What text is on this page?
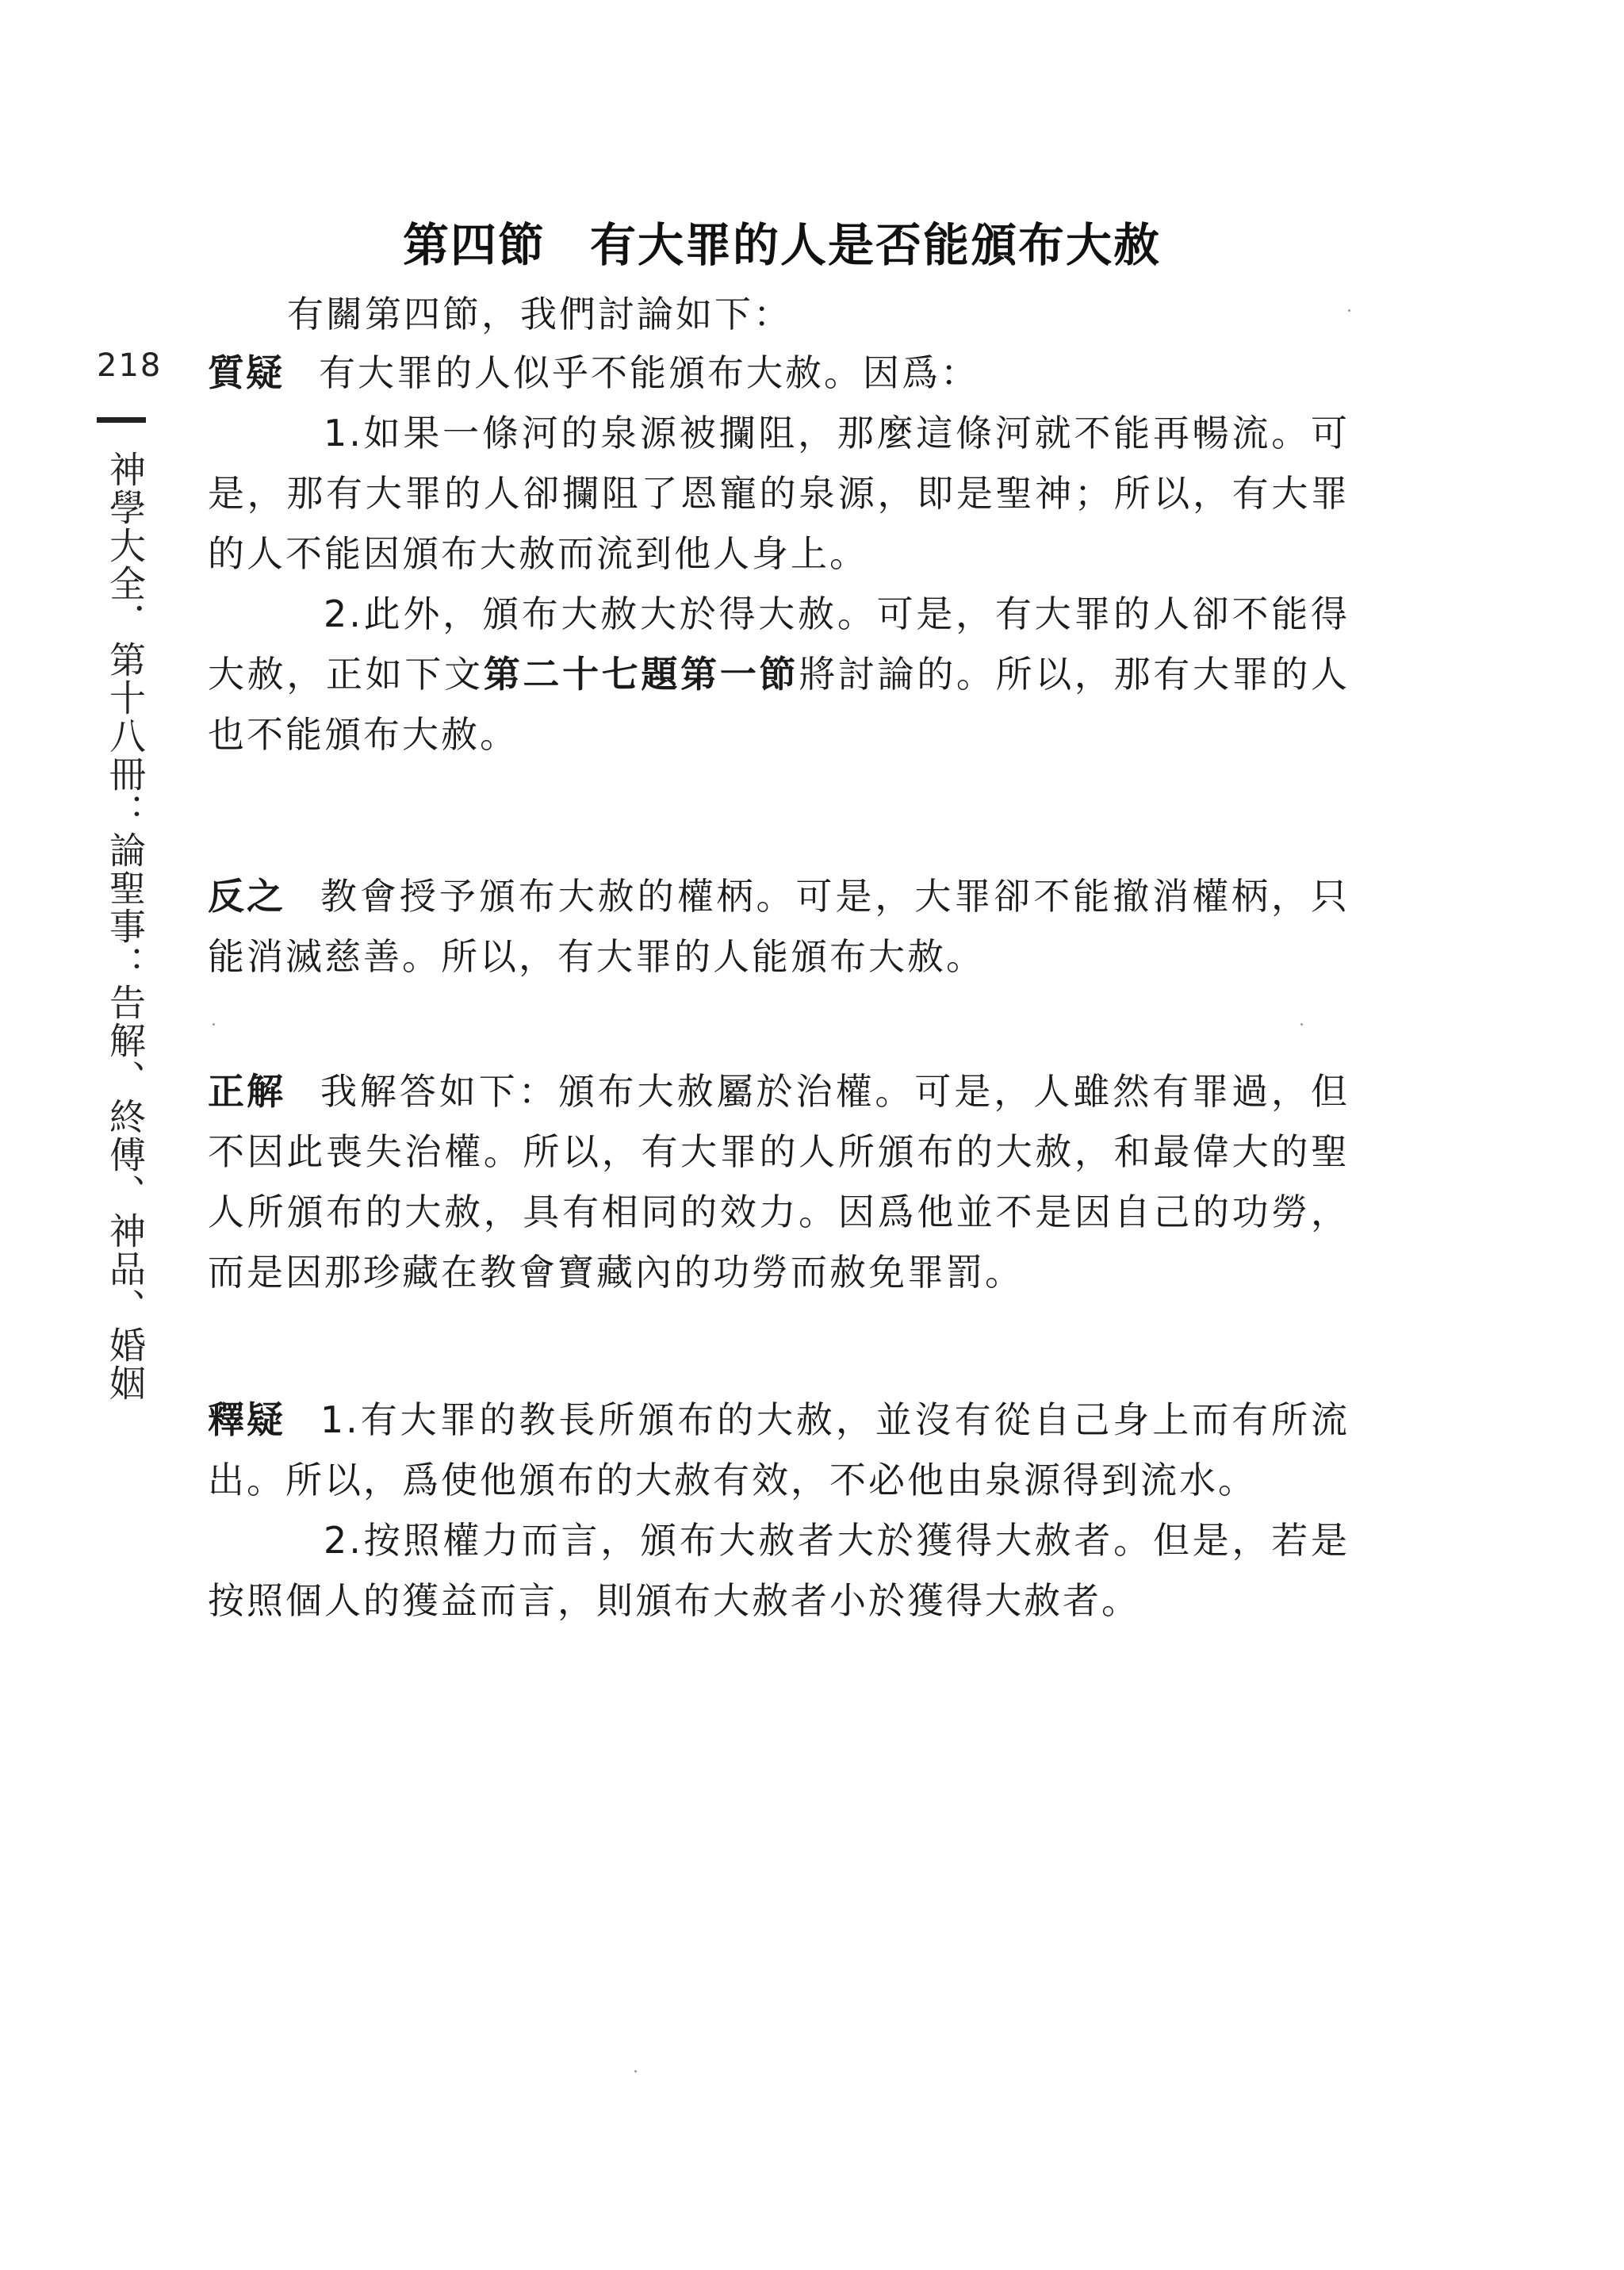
218
神學大全．第十八冊：論聖事：告解、終傅、神品、婚姻
第四節 有大罪的人是否能頒布大赦
有關第四節，我們討論如下：

質疑 有大罪的人似乎不能頒布大赦。因爲：

1.如果一條河的泉源被攔阻，那麼這條河就不能再暢流。可是，那有大罪的人卻攔阻了恩寵的泉源，即是聖神；所以，有大罪的人不能因頒布大赦而流到他人身上。

2.此外，頒布大赦大於得大赦。可是，有大罪的人卻不能得大赦，正如下文第二十七題第一節將討論的。所以，那有大罪的人也不能頒布大赦。

反之 教會授予頒布大赦的權柄。可是，大罪卻不能撤消權柄，只能消滅慈善。所以，有大罪的人能頒布大赦。

正解 我解答如下：頒布大赦屬於治權。可是，人雖然有罪過，但不因此喪失治權。所以，有大罪的人所頒布的大赦，和最偉大的聖人所頒布的大赦，具有相同的效力。因爲他並不是因自己的功勞，而是因那珍藏在教會寶藏內的功勞而赦免罪罰。

釋疑 1.有大罪的教長所頒布的大赦，並沒有從自己身上而有所流出。所以，爲使他頒布的大赦有效，不必他由泉源得到流水。

2.按照權力而言，頒布大赦者大於獲得大赦者。但是，若是按照個人的獲益而言，則頒布大赦者小於獲得大赦者。
